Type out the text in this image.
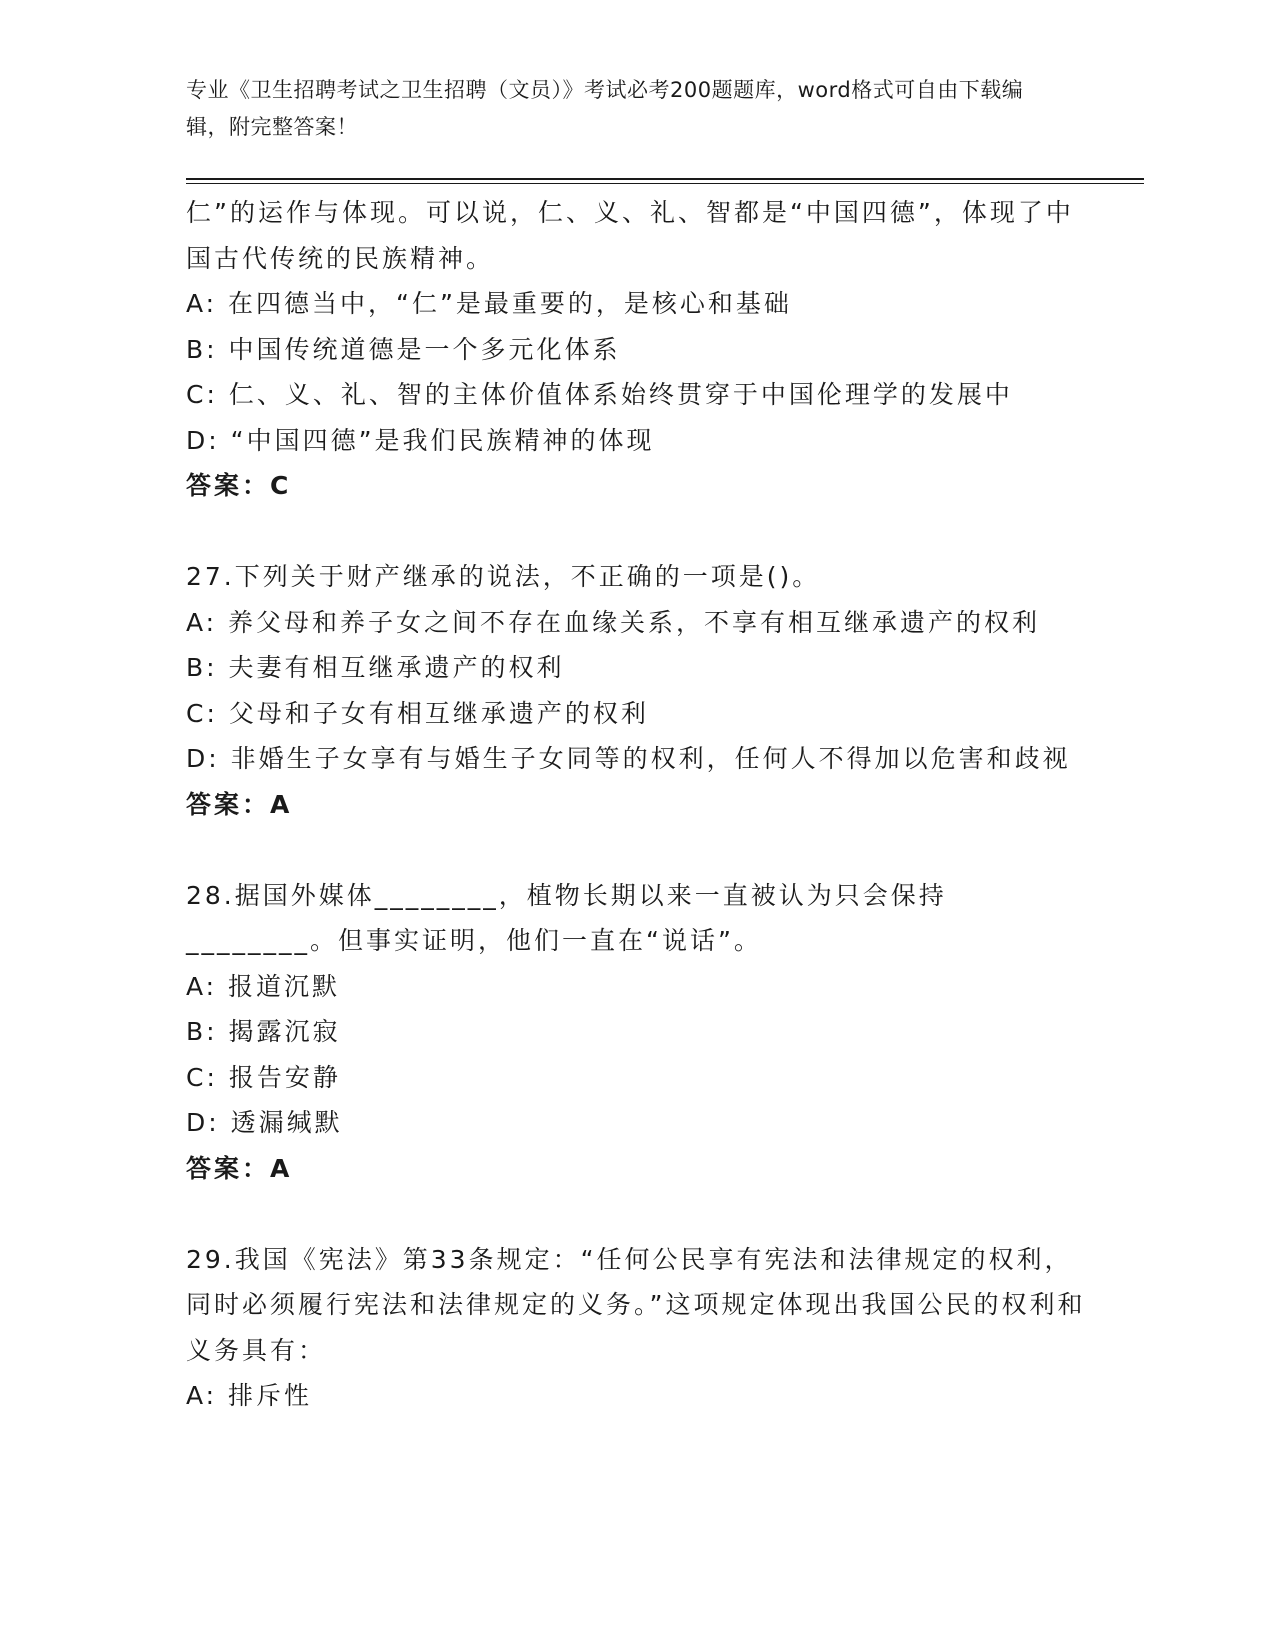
专业《卫生招聘考试之卫生招聘（文员）》考试必考200题题库，word格式可自由下载编辑，附完整答案！

仁”的运作与体现。可以说，仁、义、礼、智都是“中国四德”，体现了中国古代传统的民族精神。

A: 在四德当中，“仁”是最重要的，是核心和基础

B: 中国传统道德是一个多元化体系

C: 仁、义、礼、智的主体价值体系始终贯穿于中国伦理学的发展中

D: “中国四德”是我们民族精神的体现

答案：C

27.下列关于财产继承的说法，不正确的一项是()。

A: 养父母和养子女之间不存在血缘关系，不享有相互继承遗产的权利

B: 夫妻有相互继承遗产的权利

C: 父母和子女有相互继承遗产的权利

D: 非婚生子女享有与婚生子女同等的权利，任何人不得加以危害和歧视

答案：A

28.据国外媒体________，植物长期以来一直被认为只会保持________。但事实证明，他们一直在“说话”。

A: 报道沉默

B: 揭露沉寂

C: 报告安静

D: 透漏缄默

答案：A

29.我国《宪法》第33条规定：“任何公民享有宪法和法律规定的权利，同时必须履行宪法和法律规定的义务。”这项规定体现出我国公民的权利和义务具有：

A: 排斥性
